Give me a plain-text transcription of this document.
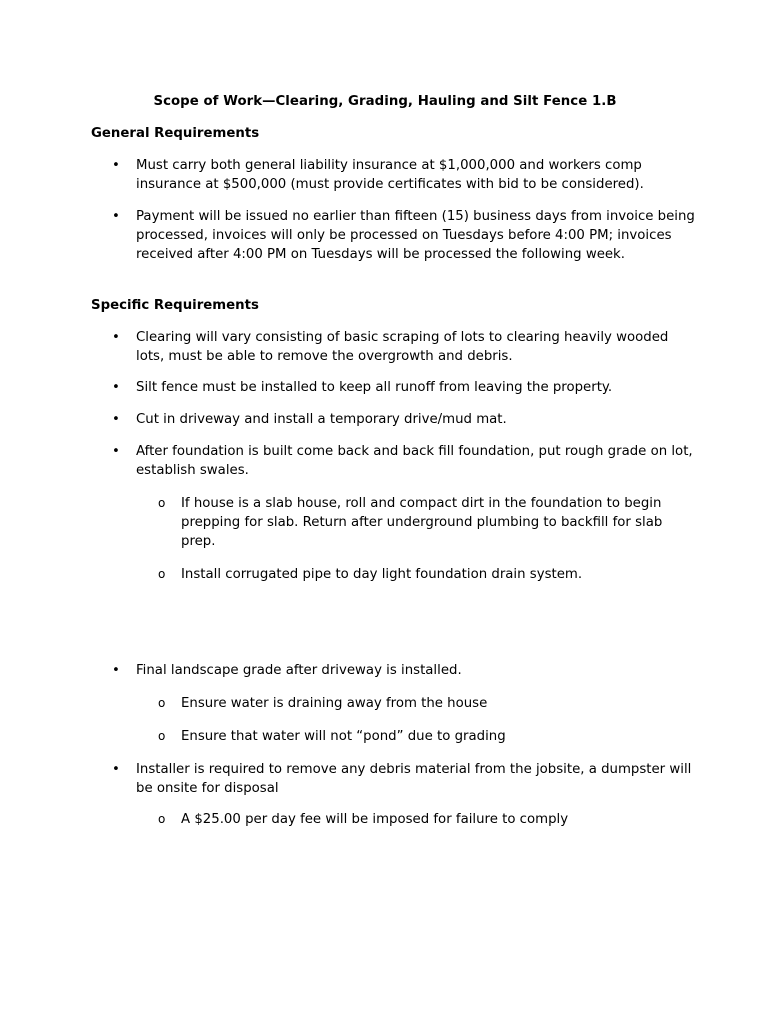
Scope of Work—Clearing, Grading, Hauling and Silt Fence 1.B
General Requirements
• Must carry both general liability insurance at $1,000,000 and workers comp insurance at $500,000 (must provide certificates with bid to be considered).
• Payment will be issued no earlier than fifteen (15) business days from invoice being processed, invoices will only be processed on Tuesdays before 4:00 PM; invoices received after 4:00 PM on Tuesdays will be processed the following week.
Specific Requirements
• Clearing will vary consisting of basic scraping of lots to clearing heavily wooded lots, must be able to remove the overgrowth and debris.
• Silt fence must be installed to keep all runoff from leaving the property.
• Cut in driveway and install a temporary drive/mud mat.
• After foundation is built come back and back fill foundation, put rough grade on lot, establish swales.
o If house is a slab house, roll and compact dirt in the foundation to begin prepping for slab. Return after underground plumbing to backfill for slab prep.
o Install corrugated pipe to day light foundation drain system.
• Final landscape grade after driveway is installed.
o Ensure water is draining away from the house
o Ensure that water will not “pond” due to grading
• Installer is required to remove any debris material from the jobsite, a dumpster will be onsite for disposal
o A $25.00 per day fee will be imposed for failure to comply
